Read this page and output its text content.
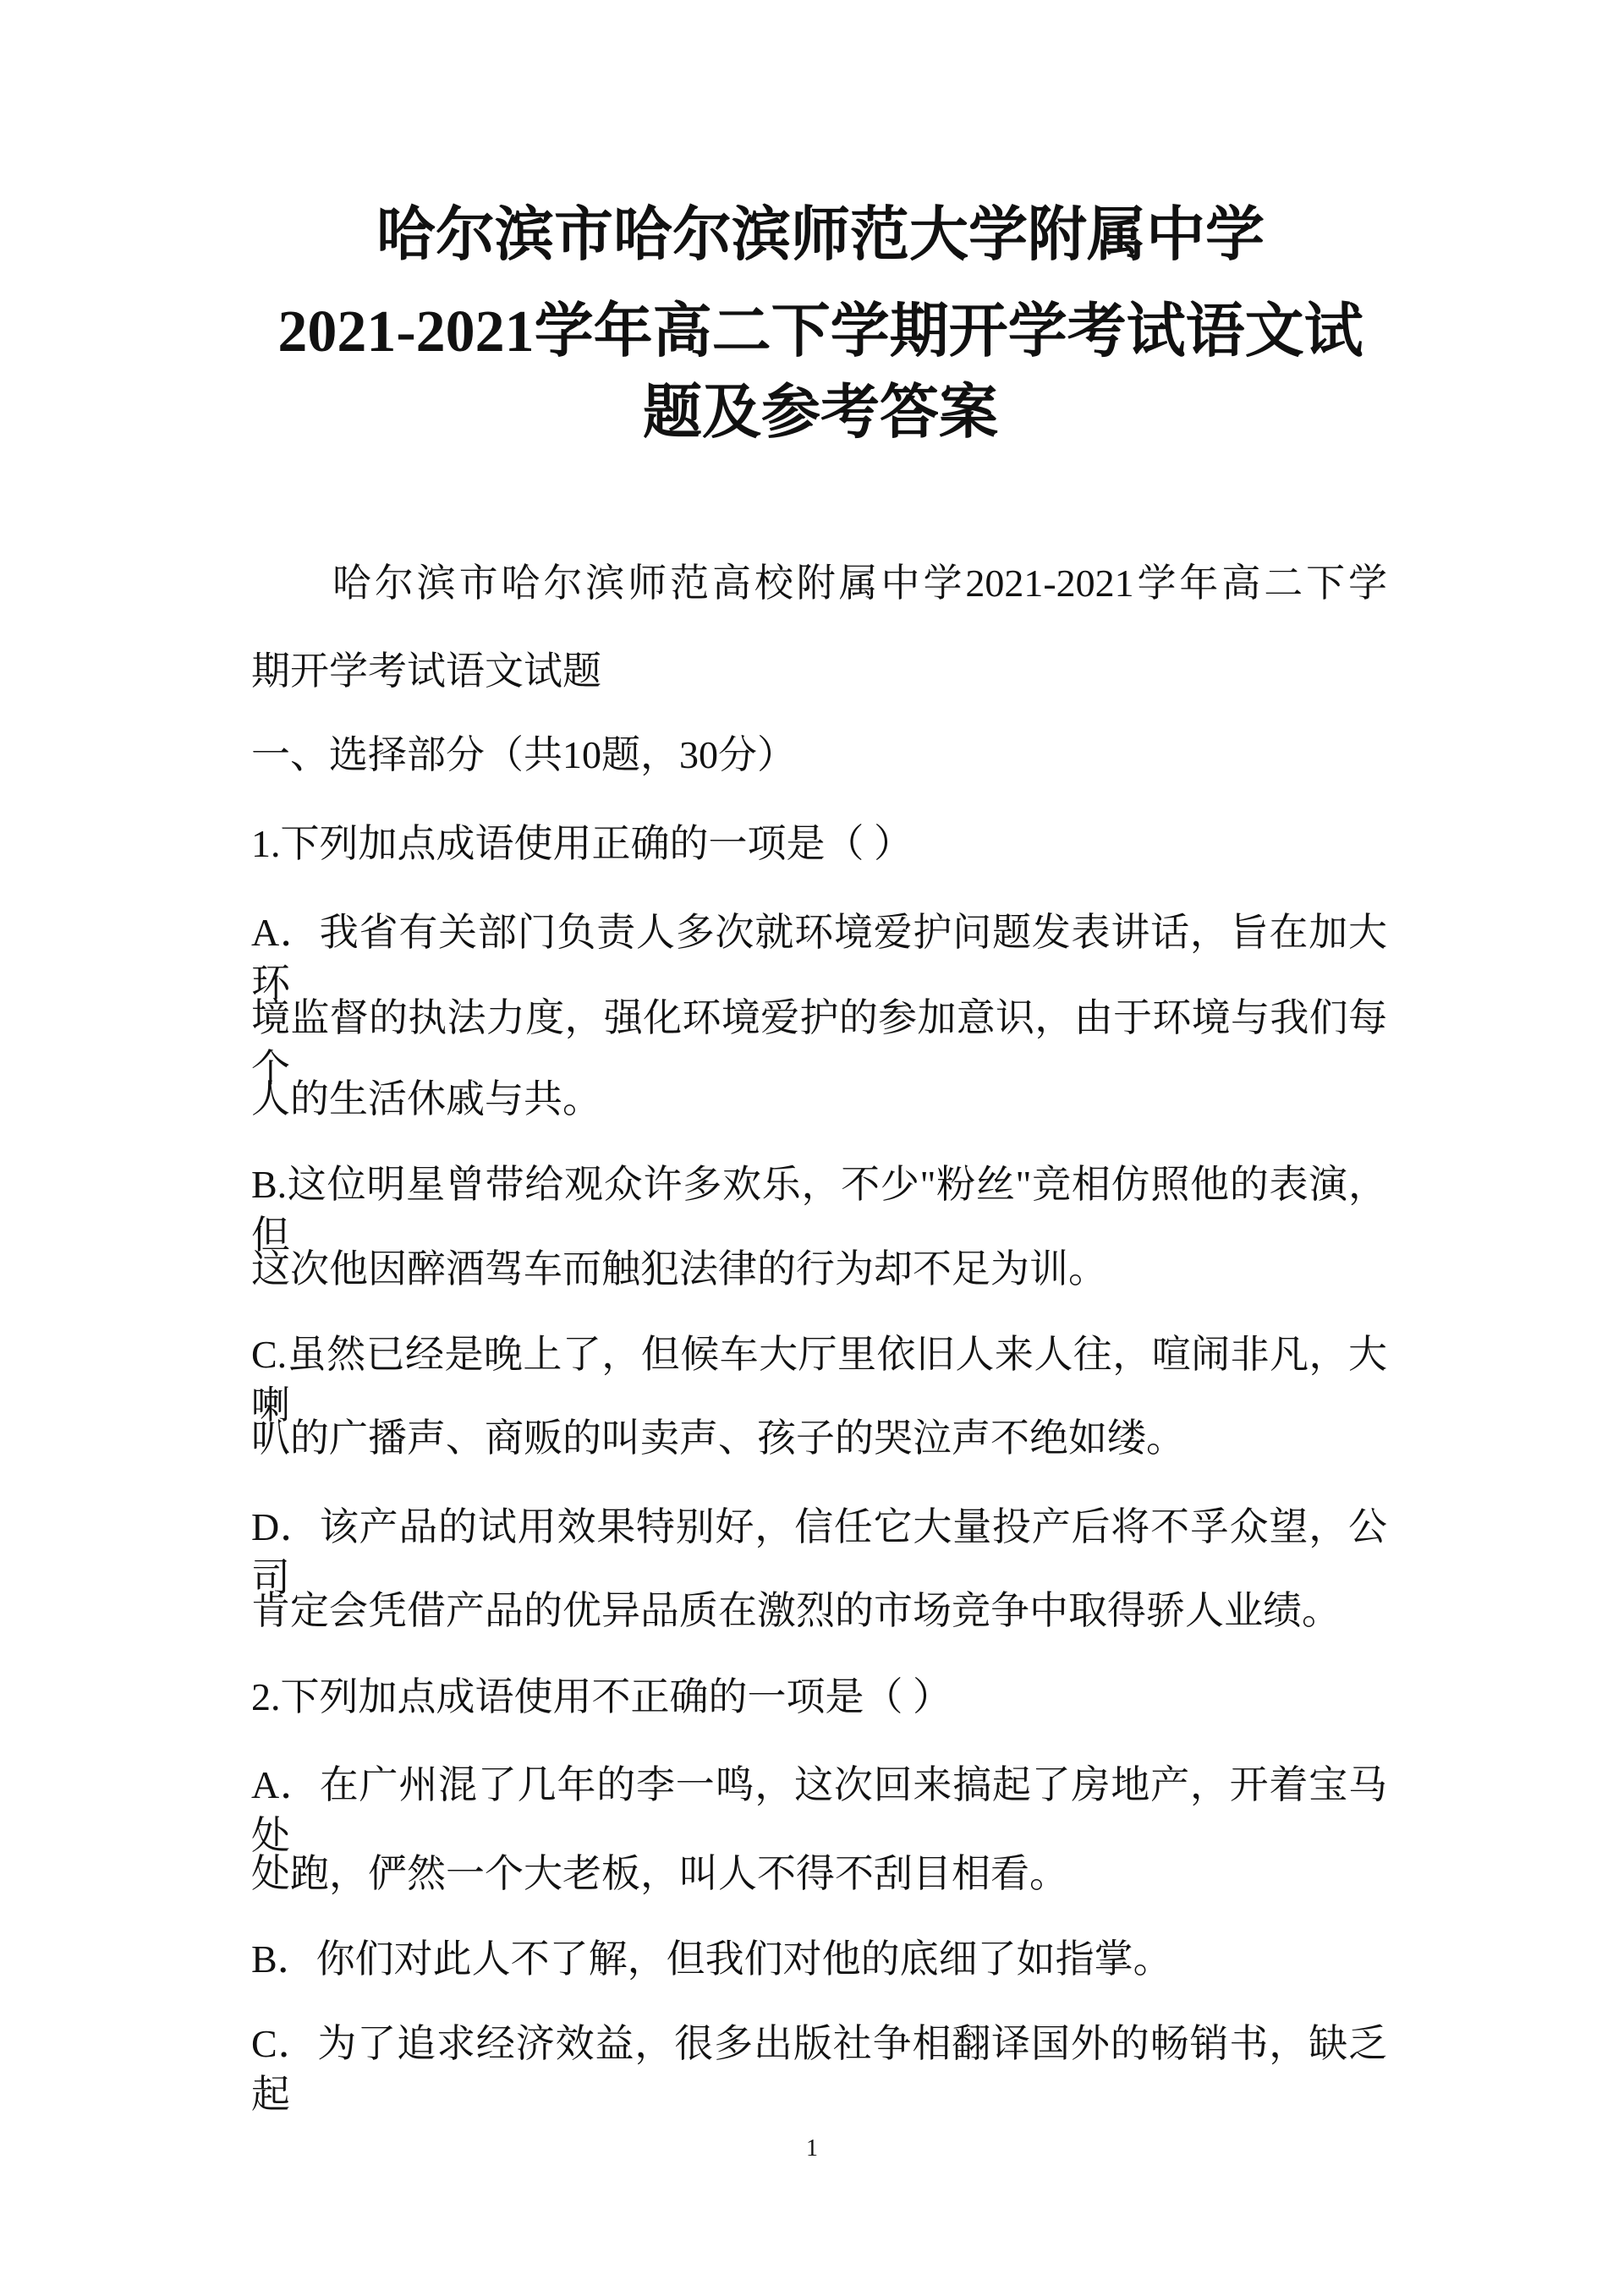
哈尔滨市哈尔滨师范大学附属中学
2021-2021学年高二下学期开学考试语文试
题及参考答案
哈尔滨市哈尔滨师范高校附属中学2021-2021学年高二下学
期开学考试语文试题
一、选择部分（共10题，30分）
1.下列加点成语使用正确的一项是（ ）
A．我省有关部门负责人多次就环境爱护问题发表讲话，旨在加大环
境监督的执法力度，强化环境爱护的参加意识，由于环境与我们每个
人的生活休戚与共。
B.这位明星曾带给观众许多欢乐，不少"粉丝"竞相仿照他的表演，但
这次他因醉酒驾车而触犯法律的行为却不足为训。
C.虽然已经是晚上了，但候车大厅里依旧人来人往，喧闹非凡，大喇
叭的广播声、商贩的叫卖声、孩子的哭泣声不绝如缕。
D．该产品的试用效果特别好，信任它大量投产后将不孚众望，公司
肯定会凭借产品的优异品质在激烈的市场竞争中取得骄人业绩。
2.下列加点成语使用不正确的一项是（ ）
A．在广州混了几年的李一鸣，这次回来搞起了房地产，开着宝马处
处跑，俨然一个大老板，叫人不得不刮目相看。
B．你们对此人不了解，但我们对他的底细了如指掌。
C．为了追求经济效益，很多出版社争相翻译国外的畅销书，缺乏起
1
